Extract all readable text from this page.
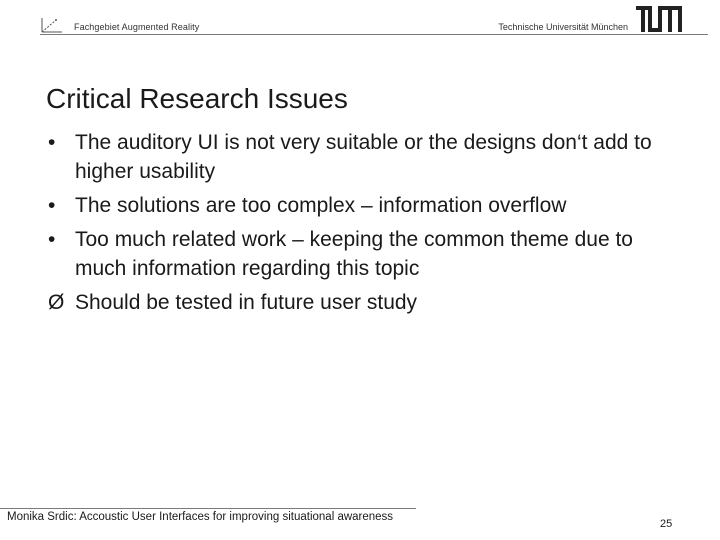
Fachgebiet Augmented Reality	Technische Universität München
Critical Research Issues
• The auditory UI is not very suitable or the designs don‘t add to higher usability
• The solutions are too complex – information overflow
• Too much related work – keeping the common theme due to much information regarding this topic
Ø Should be tested in future user study
Monika Srdic: Accoustic User Interfaces for improving situational awareness
25
